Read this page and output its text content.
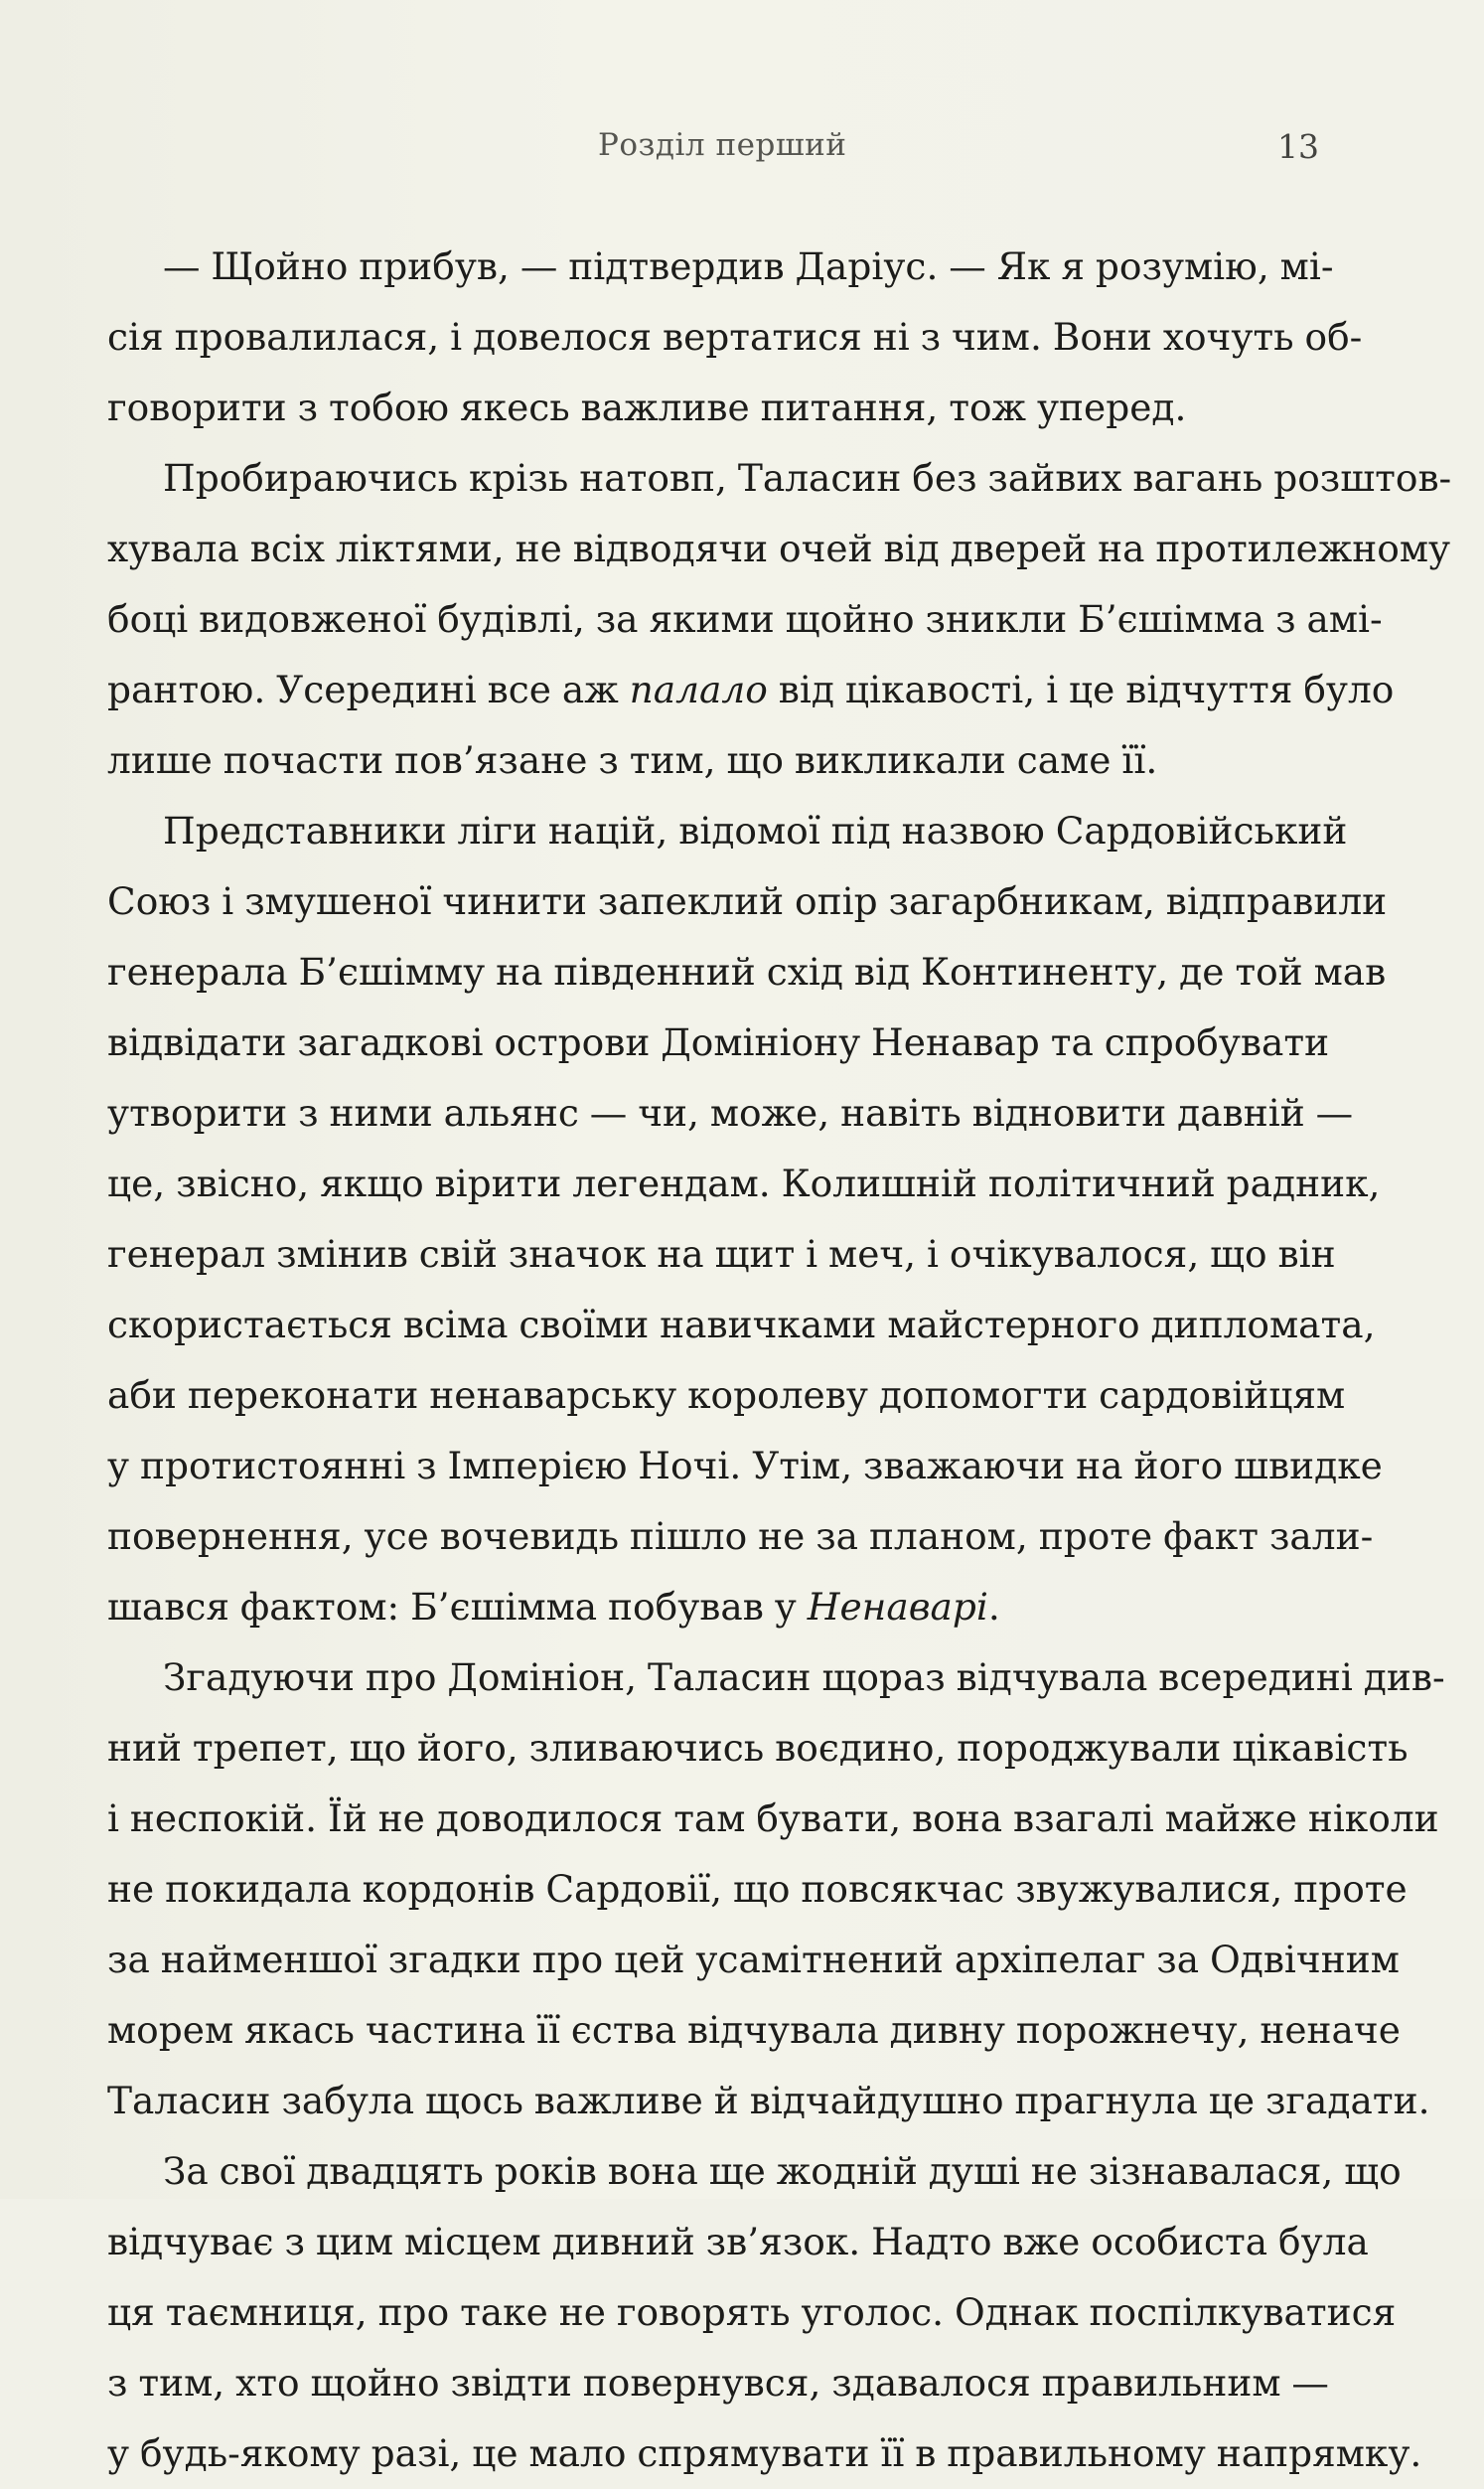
Розділ перший	13
— Щойно прибув, — підтвердив Даріус. — Як я розумію, мі-
сія провалилася, і довелося вертатися ні з чим. Вони хочуть об-
говорити з тобою якесь важливе питання, тож уперед.
Пробираючись крізь натовп, Таласин без зайвих вагань розштов-
хувала всіх ліктями, не відводячи очей від дверей на протилежному
боці видовженої будівлі, за якими щойно зникли Б’єшімма з амі-
рантою. Усередині все аж палало від цікавості, і це відчуття було
лише почасти пов’язане з тим, що викликали саме її.
Представники ліги націй, відомої під назвою Сардовійський
Союз і змушеної чинити запеклий опір загарбникам, відправили
генерала Б’єшімму на південний схід від Континенту, де той мав
відвідати загадкові острови Домініону Ненавар та спробувати
утворити з ними альянс — чи, може, навіть відновити давній —
це, звісно, якщо вірити легендам. Колишній політичний радник,
генерал змінив свій значок на щит і меч, і очікувалося, що він
скористається всіма своїми навичками майстерного дипломата,
аби переконати ненаварську королеву допомогти сардовійцям
у протистоянні з Імперією Ночі. Утім, зважаючи на його швидке
повернення, усе вочевидь пішло не за планом, проте факт зали-
шався фактом: Б’єшімма побував у Ненаварі.
Згадуючи про Домініон, Таласин щораз відчувала всередині див-
ний трепет, що його, зливаючись воєдино, породжували цікавість
і неспокій. Їй не доводилося там бувати, вона взагалі майже ніколи
не покидала кордонів Сардовії, що повсякчас звужувалися, проте
за найменшої згадки про цей усамітнений архіпелаг за Одвічним
морем якась частина її єства відчувала дивну порожнечу, неначе
Таласин забула щось важливе й відчайдушно прагнула це згадати.
За свої двадцять років вона ще жодній душі не зізнавалася, що
відчуває з цим місцем дивний зв’язок. Надто вже особиста була
ця таємниця, про таке не говорять уголос. Однак поспілкуватися
з тим, хто щойно звідти повернувся, здавалося правильним —
у будь-якому разі, це мало спрямувати її в правильному напрямку.
